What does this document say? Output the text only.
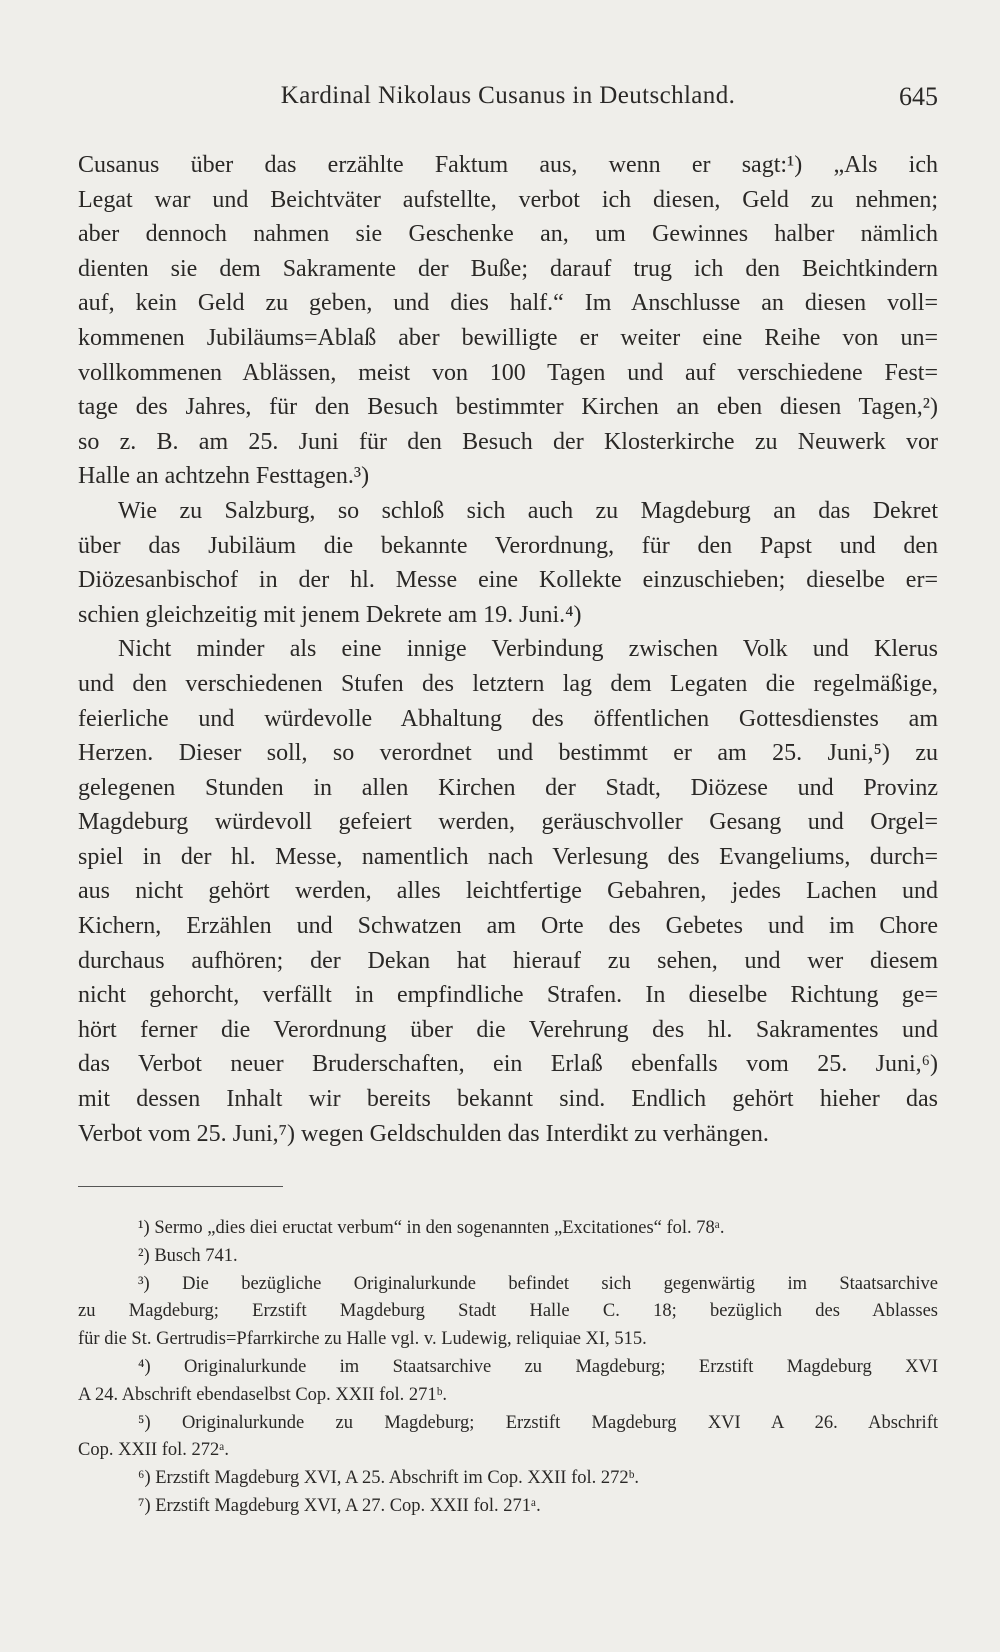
Kardinal Nikolaus Cusanus in Deutschland.	645
Cusanus über das erzählte Faktum aus, wenn er sagt:¹) „Als ich
Legat war und Beichtväter aufstellte, verbot ich diesen, Geld zu nehmen;
aber dennoch nahmen sie Geschenke an, um Gewinnes halber nämlich
dienten sie dem Sakramente der Buße; darauf trug ich den Beichtkindern
auf, kein Geld zu geben, und dies half.“ Im Anschlusse an diesen voll=
kommenen Jubiläums=Ablaß aber bewilligte er weiter eine Reihe von un=
vollkommenen Ablässen, meist von 100 Tagen und auf verschiedene Fest=
tage des Jahres, für den Besuch bestimmter Kirchen an eben diesen Tagen,²)
so z. B. am 25. Juni für den Besuch der Klosterkirche zu Neuwerk vor
Halle an achtzehn Festtagen.³)
Wie zu Salzburg, so schloß sich auch zu Magdeburg an das Dekret
über das Jubiläum die bekannte Verordnung, für den Papst und den
Diözesanbischof in der hl. Messe eine Kollekte einzuschieben; dieselbe er=
schien gleichzeitig mit jenem Dekrete am 19. Juni.⁴)
Nicht minder als eine innige Verbindung zwischen Volk und Klerus
und den verschiedenen Stufen des letztern lag dem Legaten die regelmäßige,
feierliche und würdevolle Abhaltung des öffentlichen Gottesdienstes am
Herzen. Dieser soll, so verordnet und bestimmt er am 25. Juni,⁵) zu
gelegenen Stunden in allen Kirchen der Stadt, Diözese und Provinz
Magdeburg würdevoll gefeiert werden, geräuschvoller Gesang und Orgel=
spiel in der hl. Messe, namentlich nach Verlesung des Evangeliums, durch=
aus nicht gehört werden, alles leichtfertige Gebahren, jedes Lachen und
Kichern, Erzählen und Schwatzen am Orte des Gebetes und im Chore
durchaus aufhören; der Dekan hat hierauf zu sehen, und wer diesem
nicht gehorcht, verfällt in empfindliche Strafen. In dieselbe Richtung ge=
hört ferner die Verordnung über die Verehrung des hl. Sakramentes und
das Verbot neuer Bruderschaften, ein Erlaß ebenfalls vom 25. Juni,⁶)
mit dessen Inhalt wir bereits bekannt sind. Endlich gehört hieher das
Verbot vom 25. Juni,⁷) wegen Geldschulden das Interdikt zu verhängen.
¹) Sermo „dies diei eructat verbum“ in den sogenannten „Excitationes“ fol. 78ᵃ.
²) Busch 741.
³) Die bezügliche Originalurkunde befindet sich gegenwärtig im Staatsarchive
zu Magdeburg; Erzstift Magdeburg Stadt Halle C. 18; bezüglich des Ablasses
für die St. Gertrudis=Pfarrkirche zu Halle vgl. v. Ludewig, reliquiae XI, 515.
⁴) Originalurkunde im Staatsarchive zu Magdeburg; Erzstift Magdeburg XVI
A 24. Abschrift ebendaselbst Cop. XXII fol. 271ᵇ.
⁵) Originalurkunde zu Magdeburg; Erzstift Magdeburg XVI A 26. Abschrift
Cop. XXII fol. 272ᵃ.
⁶) Erzstift Magdeburg XVI, A 25. Abschrift im Cop. XXII fol. 272ᵇ.
⁷) Erzstift Magdeburg XVI, A 27. Cop. XXII fol. 271ᵃ.
